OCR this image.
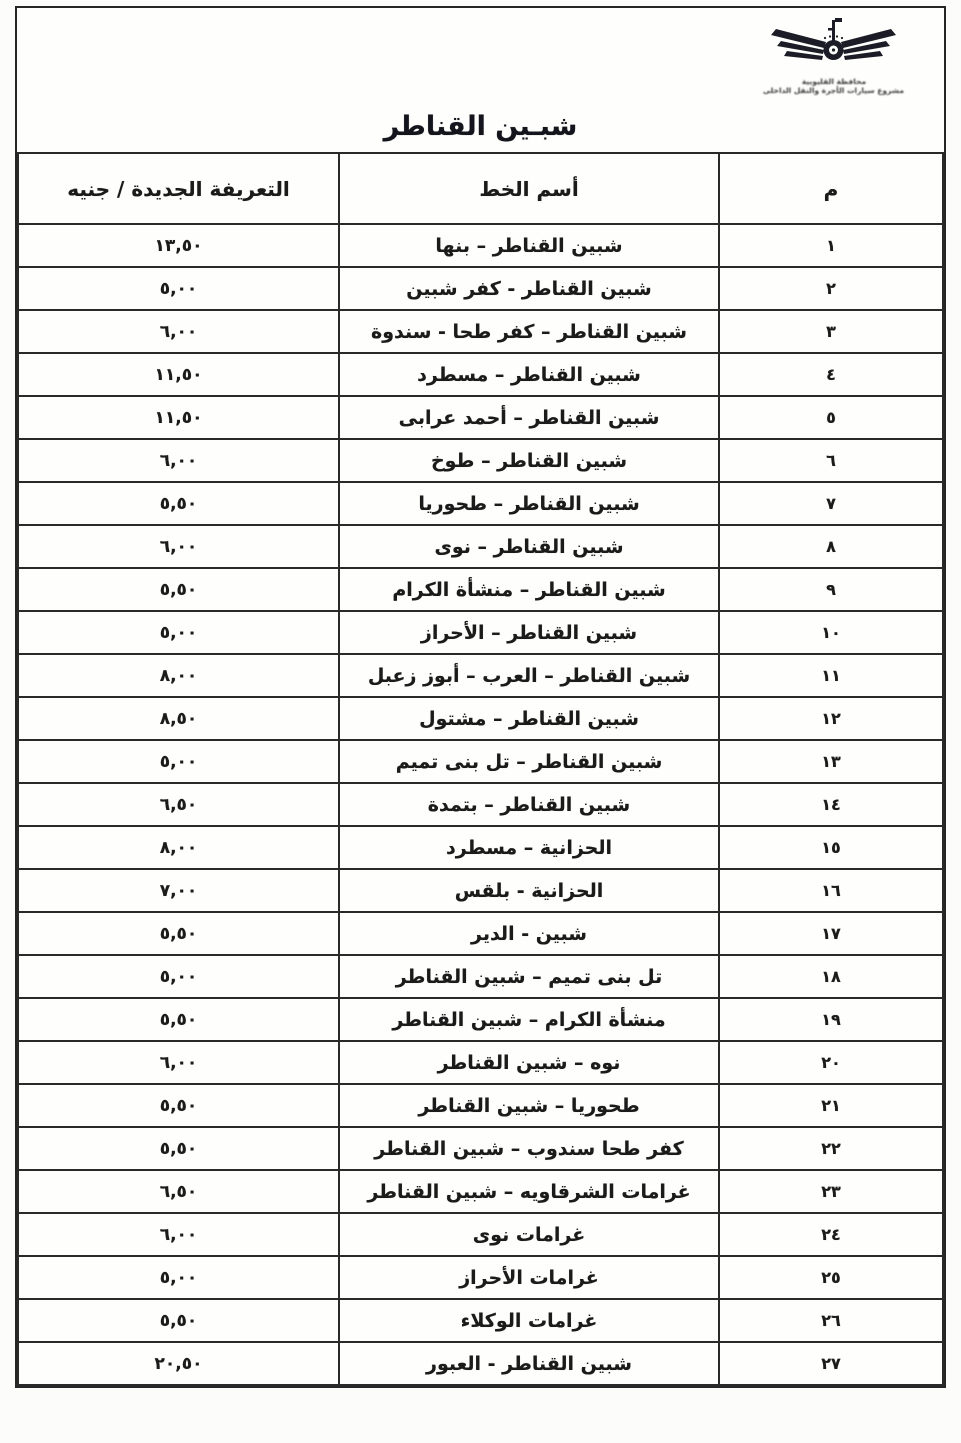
محافظة القليوبية
مشروع سيارات الأجرة والنقل الداخلى
شبـين القناطر
م	أسم الخط	التعريفة الجديدة / جنيه
١	شبين القناطر – بنها	١٣,٥٠
٢	شبين القناطر - كفر شبين	٥,٠٠
٣	شبين القناطر – كفر طحا - سندوة	٦,٠٠
٤	شبين القناطر – مسطرد	١١,٥٠
٥	شبين القناطر – أحمد عرابى	١١,٥٠
٦	شبين القناطر – طوخ	٦,٠٠
٧	شبين القناطر – طحوريا	٥,٥٠
٨	شبين القناطر – نوى	٦,٠٠
٩	شبين القناطر – منشأة الكرام	٥,٥٠
١٠	شبين القناطر – الأحراز	٥,٠٠
١١	شبين القناطر – العرب – أبوز زعبل	٨,٠٠
١٢	شبين القناطر – مشتول	٨,٥٠
١٣	شبين القناطر – تل بنى تميم	٥,٠٠
١٤	شبين القناطر – بتمدة	٦,٥٠
١٥	الحزانية – مسطرد	٨,٠٠
١٦	الحزانية - بلقس	٧,٠٠
١٧	شبين - الدير	٥,٥٠
١٨	تل بنى تميم – شبين القناطر	٥,٠٠
١٩	منشأة الكرام – شبين القناطر	٥,٥٠
٢٠	نوه – شبين القناطر	٦,٠٠
٢١	طحوريا – شبين القناطر	٥,٥٠
٢٢	كفر طحا سندوب – شبين القناطر	٥,٥٠
٢٣	غرامات الشرقاويه – شبين القناطر	٦,٥٠
٢٤	غرامات نوى	٦,٠٠
٢٥	غرامات الأحراز	٥,٠٠
٢٦	غرامات الوكلاء	٥,٥٠
٢٧	شبين القناطر - العبور	٢٠,٥٠
